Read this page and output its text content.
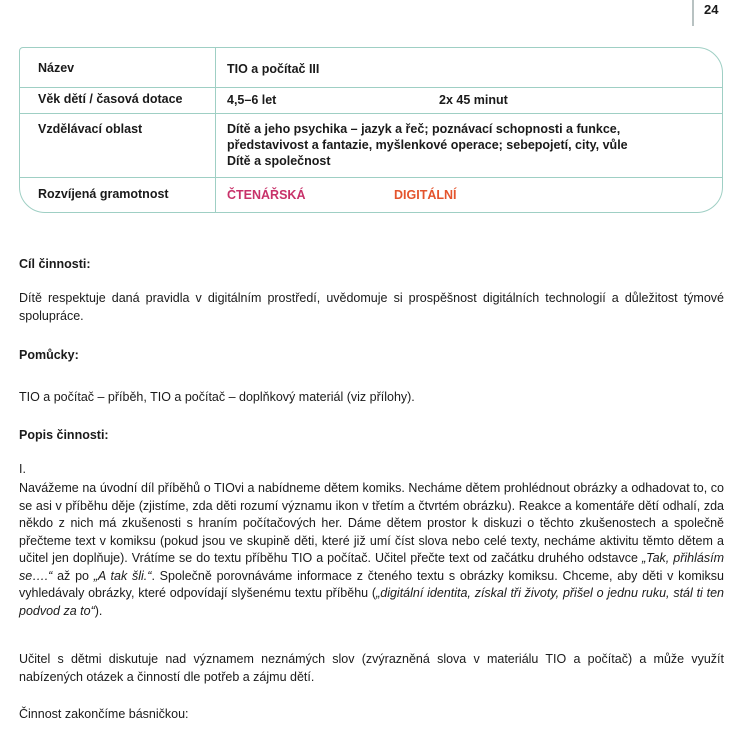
24
Název	TIO a počítač III
Věk dětí / časová dotace	4,5–6 let	2x 45 minut
Vzdělávací oblast	Dítě a jeho psychika – jazyk a řeč; poznávací schopnosti a funkce,
představivost a fantazie, myšlenkové operace; sebepojetí, city, vůle
Dítě a společnost
Rozvíjená gramotnost	ČTENÁŘSKÁ	DIGITÁLNÍ
Cíl činnosti:

Dítě respektuje daná pravidla v digitálním prostředí, uvědomuje si prospěšnost digitálních technologií a důležitost týmové spolupráce.

Pomůcky:

TIO a počítač – příběh, TIO a počítač – doplňkový materiál (viz přílohy).

Popis činnosti:
I.

Navážeme na úvodní díl příběhů o TIOvi a nabídneme dětem komiks. Necháme dětem prohlédnout obrázky a odhadovat to, co se asi v příběhu děje (zjistíme, zda děti rozumí významu ikon v třetím a čtvrtém obrázku). Reakce a komentáře dětí odhalí, zda někdo z nich má zkušenosti s hraním počítačových her. Dáme dětem prostor k diskuzi o těchto zkušenostech a společně přečteme text v komiksu (pokud jsou ve skupině děti, které již umí číst slova nebo celé texty, necháme aktivitu těmto dětem a učitel jen doplňuje). Vrátíme se do textu příběhu TIO a počítač. Učitel přečte text od začátku druhého odstavce „Tak, přihlásím se….“ až po „A tak šli.“. Společně porovnáváme informace z čteného textu s obrázky komiksu. Chceme, aby děti v komiksu vyhledávaly obrázky, které odpovídají slyšenému textu příběhu („digitální identita, získal tři životy, přišel o jednu ruku, stál ti ten podvod za to“).

Učitel s dětmi diskutuje nad významem neznámých slov (zvýrazněná slova v materiálu TIO a počítač) a může využít nabízených otázek a činností dle potřeb a zájmu dětí.

Činnost zakončíme básničkou:
